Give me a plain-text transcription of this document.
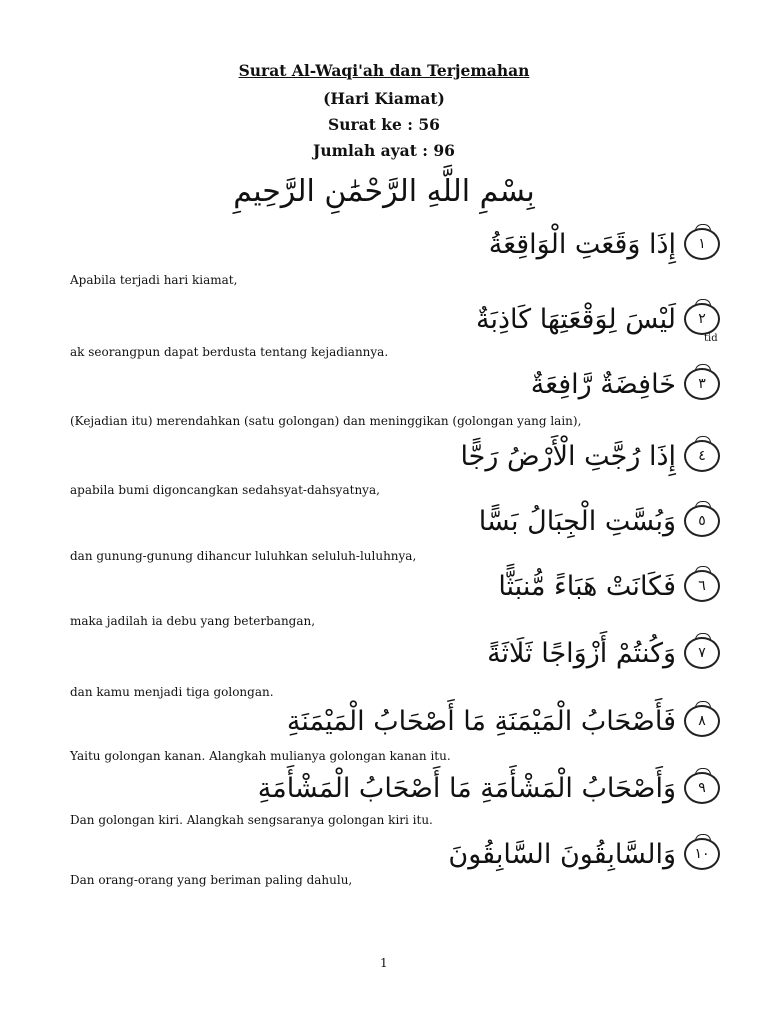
Surat Al-Waqi'ah dan Terjemahan
(Hari Kiamat)
Surat ke : 56
Jumlah ayat : 96
بِسْمِ اللَّهِ الرَّحْمَٰنِ الرَّحِيمِ
إِذَا وَقَعَتِ الْوَاقِعَةُ	١
Apabila terjadi hari kiamat,
لَيْسَ لِوَقْعَتِهَا كَاذِبَةٌ	٢
ak seorangpun dapat berdusta tentang kejadiannya.
خَافِضَةٌ رَّافِعَةٌ	٣
(Kejadian itu) merendahkan (satu golongan) dan meninggikan (golongan yang lain),
إِذَا رُجَّتِ الْأَرْضُ رَجًّا	٤
apabila bumi digoncangkan sedahsyat-dahsyatnya,
وَبُسَّتِ الْجِبَالُ بَسًّا	٥
dan gunung-gunung dihancur luluhkan seluluh-luluhnya,
فَكَانَتْ هَبَاءً مُّنبَثًّا	٦
maka jadilah ia debu yang beterbangan,
وَكُنتُمْ أَزْوَاجًا ثَلَاثَةً	٧
dan kamu menjadi tiga golongan.
فَأَصْحَابُ الْمَيْمَنَةِ مَا أَصْحَابُ الْمَيْمَنَةِ	٨
Yaitu golongan kanan. Alangkah mulianya golongan kanan itu.
وَأَصْحَابُ الْمَشْأَمَةِ مَا أَصْحَابُ الْمَشْأَمَةِ	٩
Dan golongan kiri. Alangkah sengsaranya golongan kiri itu.
وَالسَّابِقُونَ السَّابِقُونَ	١٠
Dan orang-orang yang beriman paling dahulu,
tid
1
